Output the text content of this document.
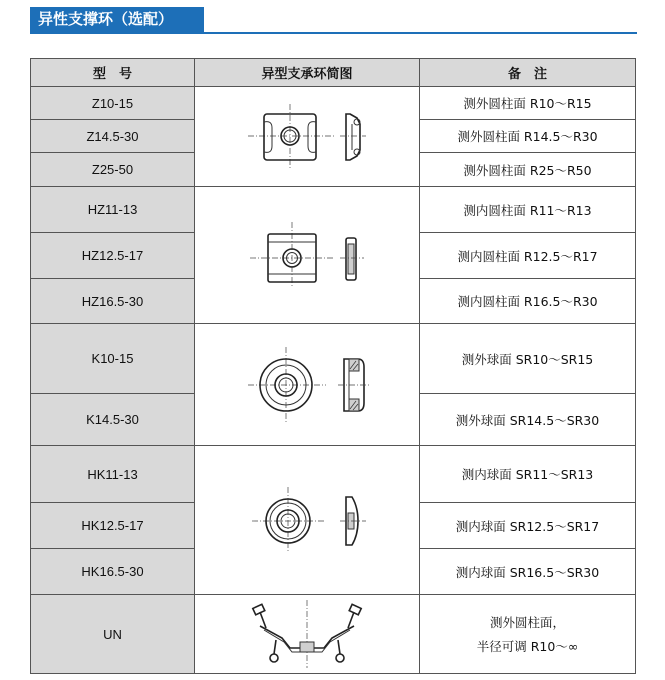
异性支撑环（选配）
型　号	异型支承环简图	备　注
Z10-15		测外圆柱面 R10～R15
Z14.5-30		测外圆柱面 R14.5～R30
Z25-50		测外圆柱面 R25～R50
HZ11-13		测内圆柱面 R11～R13
HZ12.5-17		测内圆柱面 R12.5～R17
HZ16.5-30		测内圆柱面 R16.5～R30
K10-15		测外球面 SR10～SR15
K14.5-30		测外球面 SR14.5～SR30
HK11-13		测内球面 SR11～SR13
HK12.5-17		测内球面 SR12.5～SR17
HK16.5-30		测内球面 SR16.5～SR30
UN		测外圆柱面，
半径可调 R10～∞
